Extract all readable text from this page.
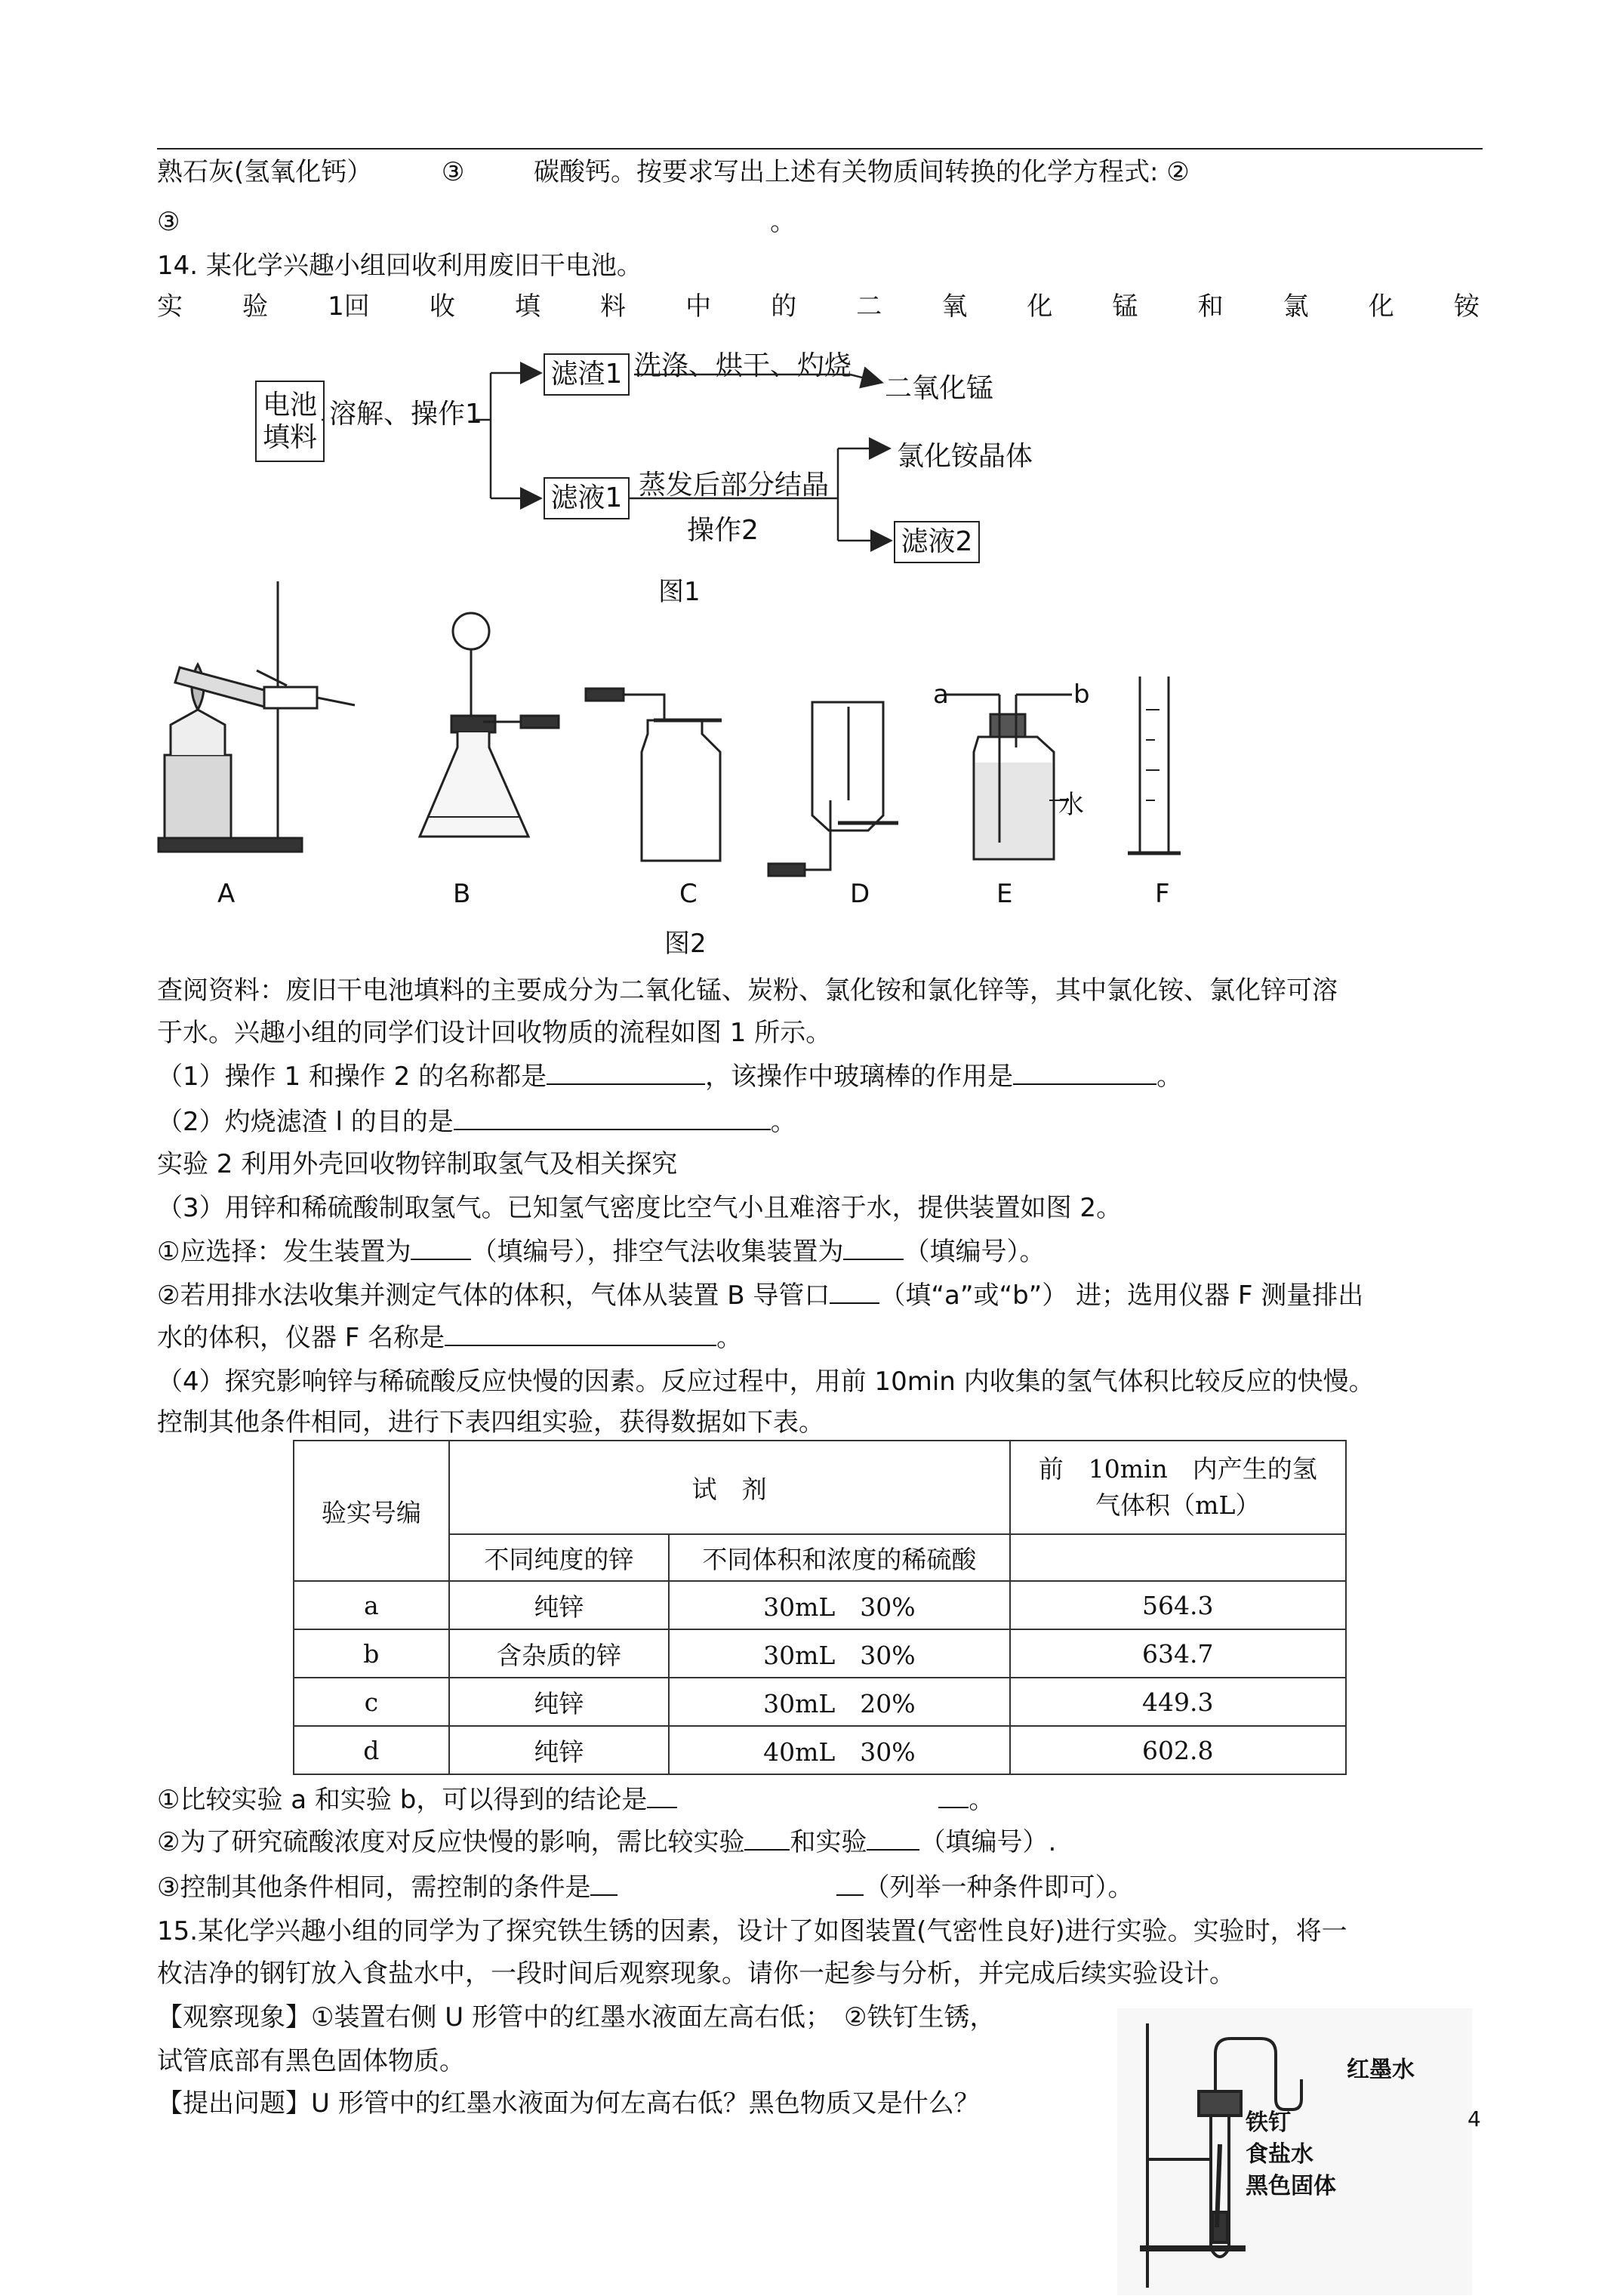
熟石灰(氢氧化钙）	③	碳酸钙。按要求写出上述有关物质间转换的化学方程式: ②
③	。
14. 某化学兴趣小组回收利用废旧干电池。
实 验 1回 收 填 料 中 的 二 氧 化 锰 和 氯 化 铵
电池
填料
溶解、操作1
滤渣1 洗涤、烘干、灼烧
二氧化锰
滤液1 蒸发后部分结晶
操作2
氯化铵晶体
滤液2
图1
a	b
水
A	B	C	D	E	F
图2
查阅资料：废旧干电池填料的主要成分为二氧化锰、炭粉、氯化铵和氯化锌等，其中氯化铵、氯化锌可溶
于水。兴趣小组的同学们设计回收物质的流程如图 1 所示。
（1）操作 1 和操作 2 的名称都是	，该操作中玻璃棒的作用是	。
（2）灼烧滤渣 l 的目的是	。
实验 2 利用外壳回收物锌制取氢气及相关探究
（3）用锌和稀硫酸制取氢气。已知氢气密度比空气小且难溶于水，提供装置如图 2。
①应选择：发生装置为 （填编号），排空气法收集装置为 （填编号）。
②若用排水法收集并测定气体的体积，气体从装置 B 导管口 （填“a”或“b”） 进；选用仪器 F 测量排出
水的体积，仪器 F 名称是	。
（4）探究影响锌与稀硫酸反应快慢的因素。反应过程中，用前 10min 内收集的氢气体积比较反应的快慢。
控制其他条件相同，进行下表四组实验，获得数据如下表。
验实号编	试　剂		前　10min　内产生的氢
气体积（mL）

	不同纯度的锌	不同体积和浓度的稀硫酸	
a	纯锌	30mL　30%	564.3
b	含杂质的锌	30mL　30%	634.7
c	纯锌	30mL　20%	449.3
d	纯锌	40mL　30%	602.8
①比较实验 a 和实验 b，可以得到的结论是	。
②为了研究硫酸浓度对反应快慢的影响，需比较实验 和实验 （填编号）.
③控制其他条件相同，需控制的条件是	（列举一种条件即可）。
15.某化学兴趣小组的同学为了探究铁生锈的因素，设计了如图装置(气密性良好)进行实验。实验时，将一
枚洁净的钢钉放入食盐水中，一段时间后观察现象。请你一起参与分析，并完成后续实验设计。
【观察现象】①装置右侧 U 形管中的红墨水液面左高右低；　②铁钉生锈，
试管底部有黑色固体物质。
【提出问题】U 形管中的红墨水液面为何左高右低？黑色物质又是什么？
红墨水
铁钉
食盐水
黑色固体
4
